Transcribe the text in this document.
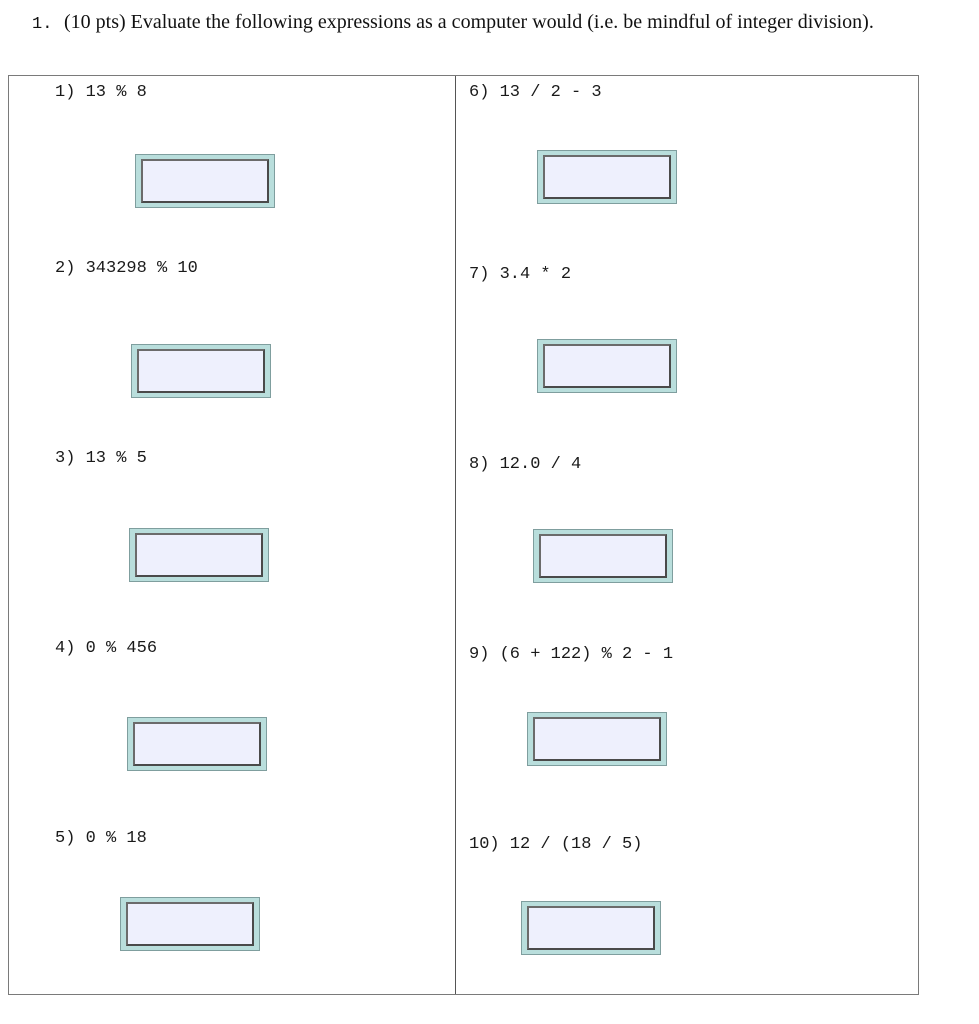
1. (10 pts) Evaluate the following expressions as a computer would (i.e. be mindful of integer division).
1) 13 % 8
2) 343298 % 10
3) 13 % 5
4) 0 % 456
5) 0 % 18
6) 13 / 2 - 3
7) 3.4 * 2
8) 12.0 / 4
9) (6 + 122) % 2 - 1
10) 12 / (18 / 5)
